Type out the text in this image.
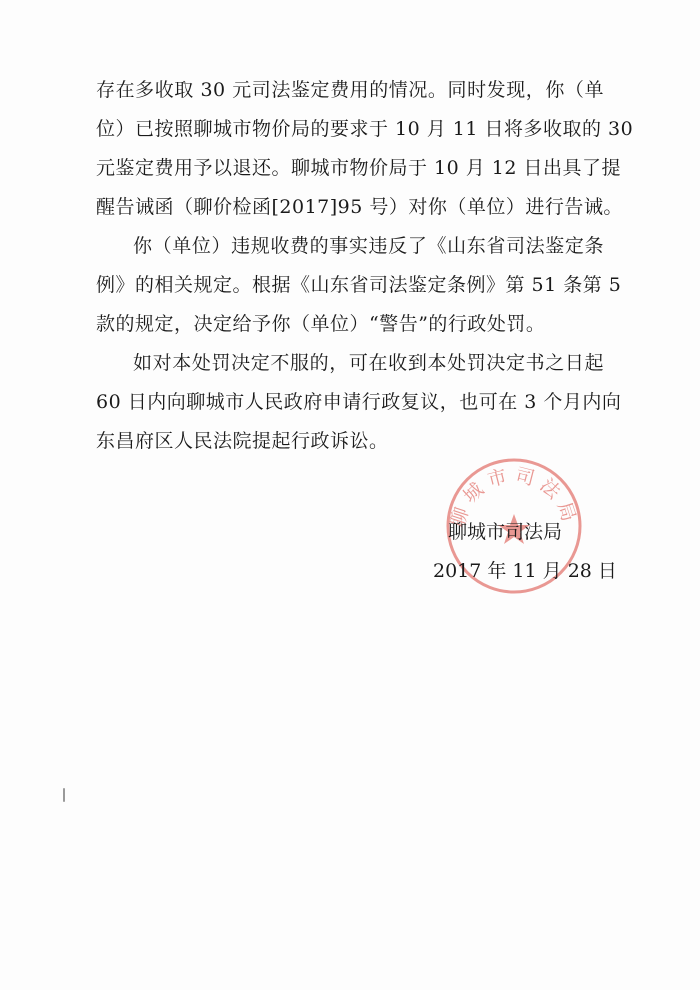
存在多收取 30 元司法鉴定费用的情况。同时发现，你（单
位）已按照聊城市物价局的要求于 10 月 11 日将多收取的 30
元鉴定费用予以退还。聊城市物价局于 10 月 12 日出具了提
醒告诫函（聊价检函[2017]95 号）对你（单位）进行告诫。
你（单位）违规收费的事实违反了《山东省司法鉴定条
例》的相关规定。根据《山东省司法鉴定条例》第 51 条第 5
款的规定，决定给予你（单位）“警告”的行政处罚。
如对本处罚决定不服的，可在收到本处罚决定书之日起
60 日内向聊城市人民政府申请行政复议，也可在 3 个月内向
东昌府区人民法院提起行政诉讼。
聊城市司法局
聊城市司法局
2017 年 11 月 28 日
